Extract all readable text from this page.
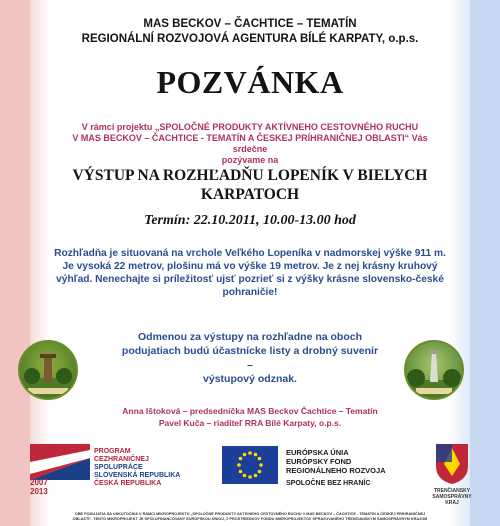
MAS BECKOV – ČACHTICE – TEMATÍN
REGIONÁLNÍ ROZVOJOVÁ AGENTURA BÍLÉ KARPATY, o.p.s.
POZVÁNKA
V rámci projektu „SPOLOČNÉ PRODUKTY AKTÍVNEHO CESTOVNÉHO RUCHU
V MAS BECKOV – ČACHTICE - TEMATÍN A ČESKEJ PRÍHRANIČNEJ OBLASTI“ Vás srdečne
pozývame na
VÝSTUP NA ROZHĽADŇU LOPENÍK V BIELYCH
KARPATOCH
Termín: 22.10.2011, 10.00-13.00 hod
Rozhľadňa je situovaná na vrchole Veľkého Lopeníka v nadmorskej výške 911 m.
Je vysoká 22 metrov, plošinu má vo výške 19 metrov. Je z nej krásny kruhový
výhľad. Nenechajte si príležitosť ujsť pozrieť si z výšky krásne slovensko-české
pohraničie!
Odmenou za výstupy na rozhľadne na oboch
podujatiach budú účastnícke listy a drobný suvenír –
výstupový odznak.
Anna Ištoková – predsedníčka MAS Beckov Čachtice – Tematín
Pavel Kuča – riaditeľ RRA Bílé Karpaty, o.p.s.
2007
2013
PROGRAM
CEZHRANIČNEJ
SPOLUPRÁCE
SLOVENSKÁ REPUBLIKA
ČESKÁ REPUBLIKA
EURÓPSKA ÚNIA
EURÓPSKY FOND
REGIONÁLNEHO ROZVOJA
SPOLOČNE BEZ HRANÍC
TRENČIANSKY SAMOSPRÁVNY KRAJ
OBE PODUJATIA SA USKUTOČNIA V RÁMCI MIKROPROJEKTU „SPOLOČNÉ PRODUKTY AKTÍVNEHO CESTOVNÉHO RUCHU V MAS BECKOV – ČACHTICE - TEMATÍN A ČESKEJ PRÍHRANIČNEJ
OBLASTI“. TENTO MIKROPROJEKT JE SPOLUFINANCOVANÝ EURÓPSKOU ÚNIOU, Z PROSTRIEDKOV FONDU MIKROPROJEKTOV SPRAVOVANÉHO TRENČIANSKYM SAMOSPRÁVNYM KRAJOM
